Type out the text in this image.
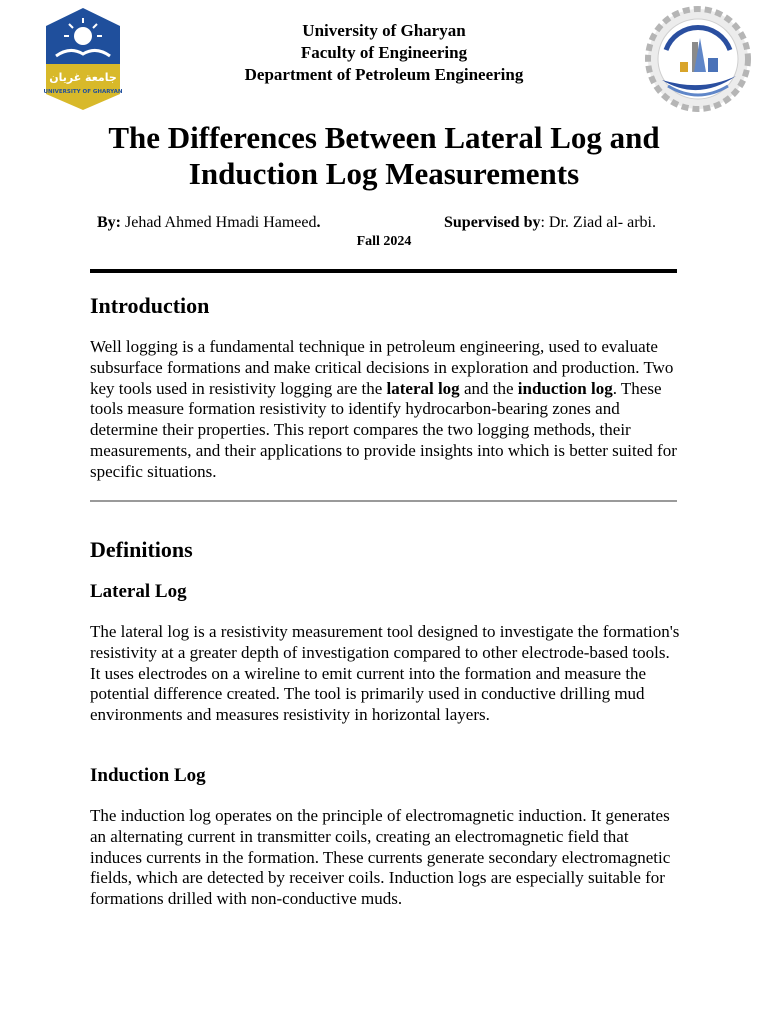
جامعة غريان
UNIVERSITY OF GHARYAN
University of Gharyan
Faculty of Engineering
Department of Petroleum Engineering
The Differences Between Lateral Log and Induction Log Measurements
By: Jehad Ahmed Hmadi Hameed.	Supervised by: Dr. Ziad al- arbi.
Fall 2024
Introduction
Well logging is a fundamental technique in petroleum engineering, used to evaluate subsurface formations and make critical decisions in exploration and production. Two key tools used in resistivity logging are the lateral log and the induction log. These tools measure formation resistivity to identify hydrocarbon-bearing zones and determine their properties. This report compares the two logging methods, their measurements, and their applications to provide insights into which is better suited for specific situations.
Definitions
Lateral Log
The lateral log is a resistivity measurement tool designed to investigate the formation's resistivity at a greater depth of investigation compared to other electrode-based tools. It uses electrodes on a wireline to emit current into the formation and measure the potential difference created. The tool is primarily used in conductive drilling mud environments and measures resistivity in horizontal layers.
Induction Log
The induction log operates on the principle of electromagnetic induction. It generates an alternating current in transmitter coils, creating an electromagnetic field that induces currents in the formation. These currents generate secondary electromagnetic fields, which are detected by receiver coils. Induction logs are especially suitable for formations drilled with non-conductive muds.
